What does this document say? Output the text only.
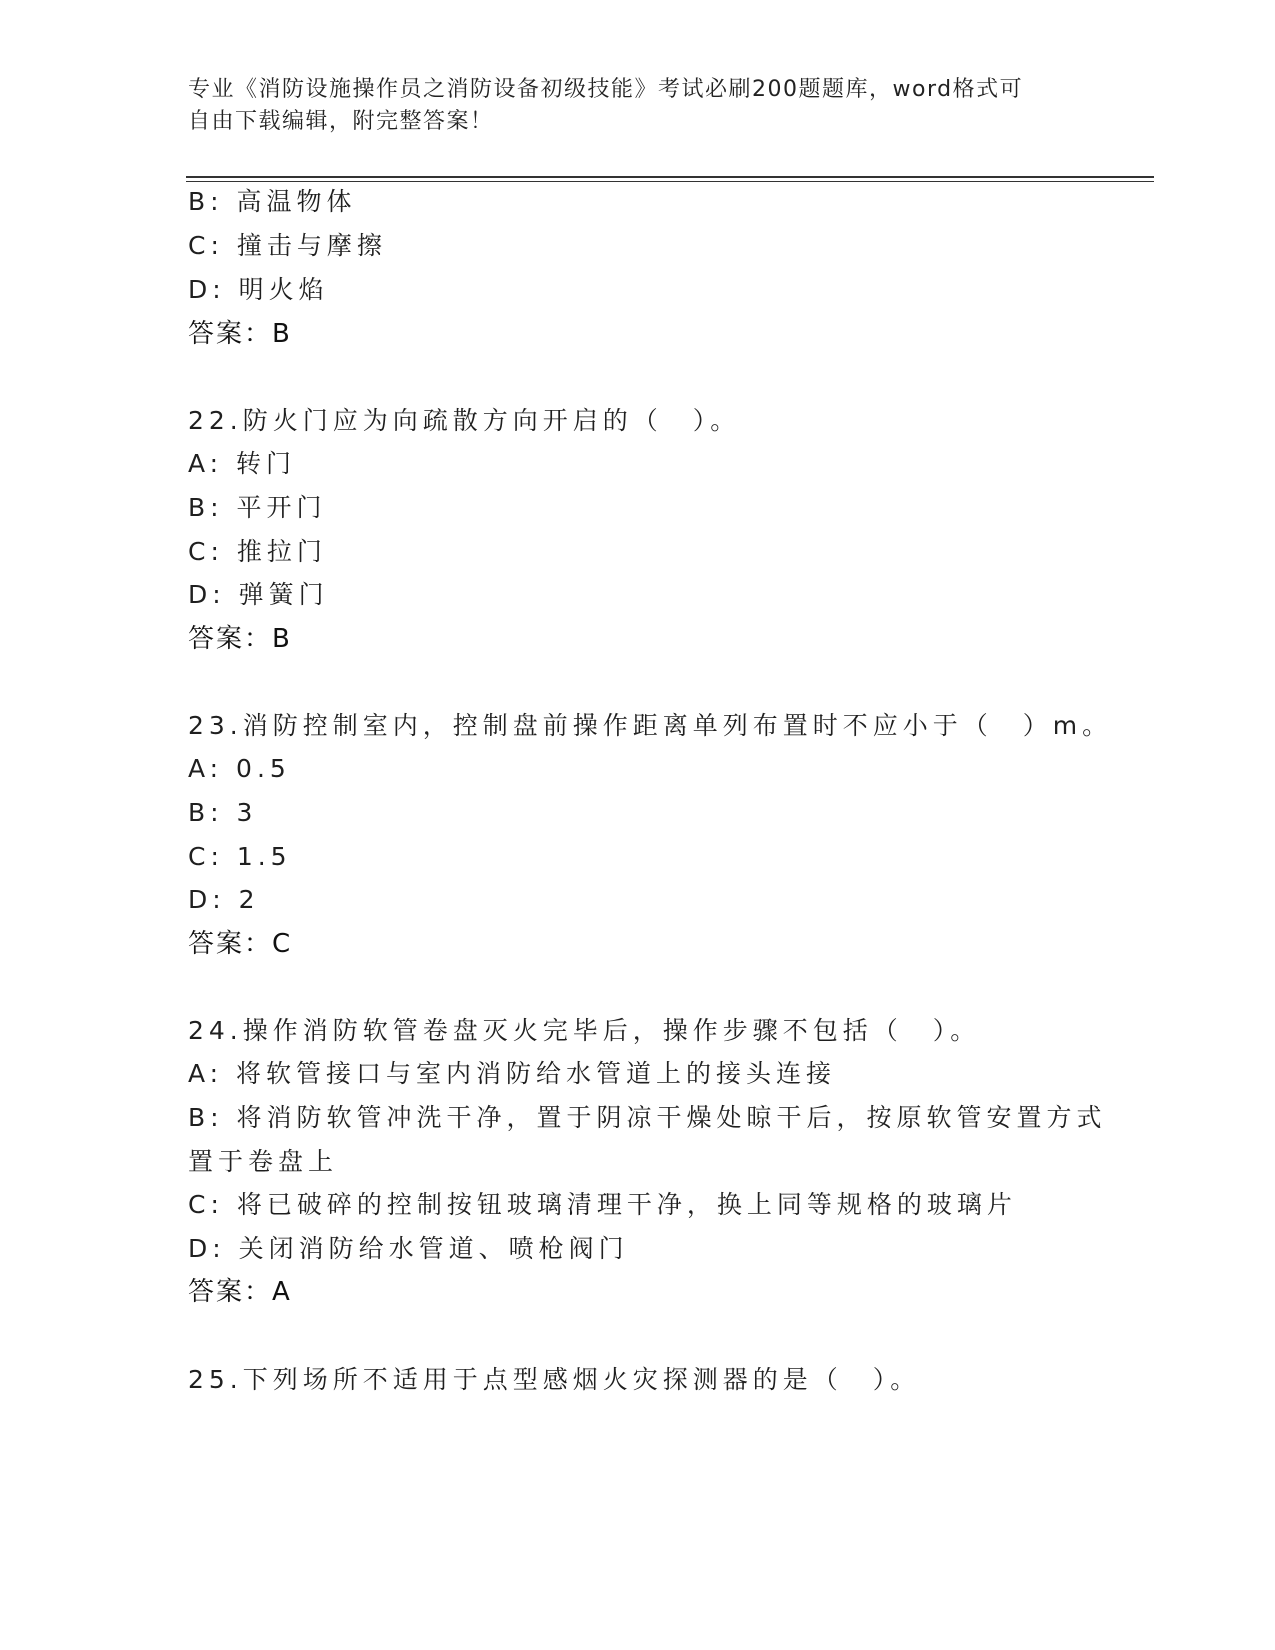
专业《消防设施操作员之消防设备初级技能》考试必刷200题题库，word格式可
自由下载编辑，附完整答案！
B: 高温物体
C: 撞击与摩擦
D: 明火焰
答案：B
22.防火门应为向疏散方向开启的（　）。
A: 转门
B: 平开门
C: 推拉门
D: 弹簧门
答案：B
23.消防控制室内，控制盘前操作距离单列布置时不应小于（　）m。
A: 0.5
B: 3
C: 1.5
D: 2
答案：C
24.操作消防软管卷盘灭火完毕后，操作步骤不包括（　）。
A: 将软管接口与室内消防给水管道上的接头连接
B: 将消防软管冲洗干净，置于阴凉干燥处晾干后，按原软管安置方式
置于卷盘上
C: 将已破碎的控制按钮玻璃清理干净，换上同等规格的玻璃片
D: 关闭消防给水管道、喷枪阀门
答案：A
25.下列场所不适用于点型感烟火灾探测器的是（　）。
